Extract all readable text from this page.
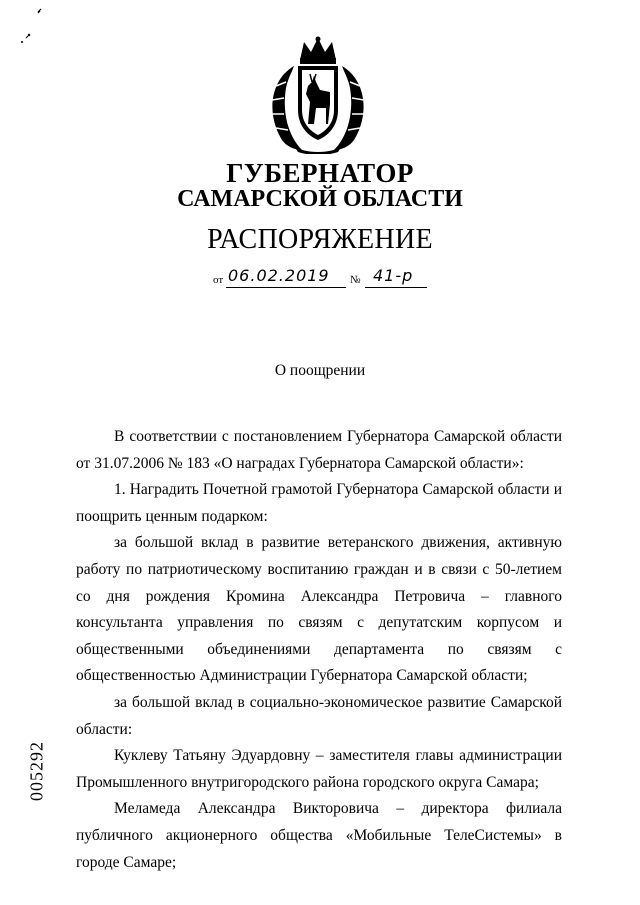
ГУБЕРНАТОР
САМАРСКОЙ ОБЛАСТИ
РАСПОРЯЖЕНИЕ
от 06.02.2019 № 41-р
О поощрении

В соответствии с постановлением Губернатора Самарской области от 31.07.2006 № 183 «О наградах Губернатора Самарской области»:

1. Наградить Почетной грамотой Губернатора Самарской области и поощрить ценным подарком:

за большой вклад в развитие ветеранского движения, активную работу по патриотическому воспитанию граждан и в связи с 50-летием со дня рождения Кромина Александра Петровича – главного консультанта управления по связям с депутатским корпусом и общественными объединениями департамента по связям с общественностью Администрации Губернатора Самарской области;

за большой вклад в социально-экономическое развитие Самарской области:

Куклеву Татьяну Эдуардовну – заместителя главы администрации Промышленного внутригородского района городского округа Самара;

Меламеда Александра Викторовича – директора филиала публичного акционерного общества «Мобильные ТелеСистемы» в городе Самаре;

005292
